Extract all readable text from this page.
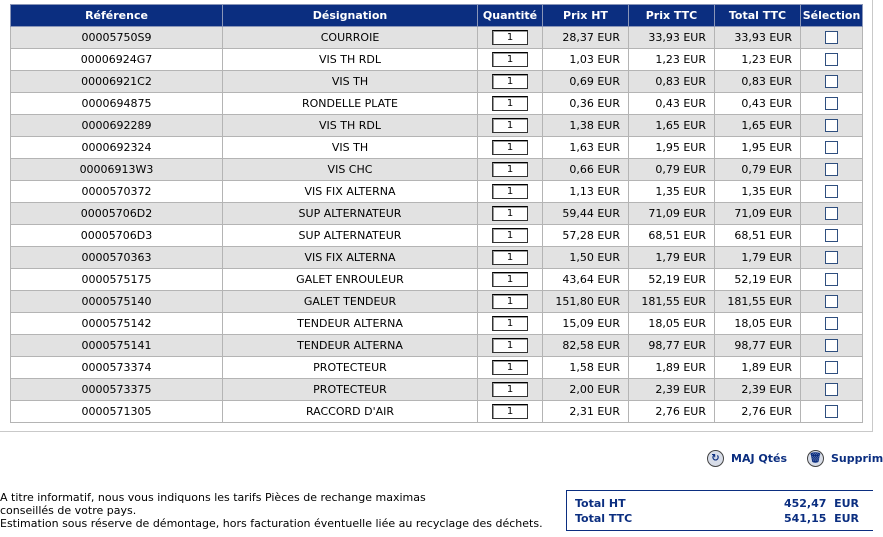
Référence	Désignation	Quantité	Prix HT	Prix TTC	Total TTC	Sélection
00005750S9	COURROIE	1	28,37 EUR	33,93 EUR	33,93 EUR	
00006924G7	VIS TH RDL	1	1,03 EUR	1,23 EUR	1,23 EUR	
00006921C2	VIS TH	1	0,69 EUR	0,83 EUR	0,83 EUR	
0000694875	RONDELLE PLATE	1	0,36 EUR	0,43 EUR	0,43 EUR	
0000692289	VIS TH RDL	1	1,38 EUR	1,65 EUR	1,65 EUR	
0000692324	VIS TH	1	1,63 EUR	1,95 EUR	1,95 EUR	
00006913W3	VIS CHC	1	0,66 EUR	0,79 EUR	0,79 EUR	
0000570372	VIS FIX ALTERNA	1	1,13 EUR	1,35 EUR	1,35 EUR	
00005706D2	SUP ALTERNATEUR	1	59,44 EUR	71,09 EUR	71,09 EUR	
00005706D3	SUP ALTERNATEUR	1	57,28 EUR	68,51 EUR	68,51 EUR	
0000570363	VIS FIX ALTERNA	1	1,50 EUR	1,79 EUR	1,79 EUR	
0000575175	GALET ENROULEUR	1	43,64 EUR	52,19 EUR	52,19 EUR	
0000575140	GALET TENDEUR	1	151,80 EUR	181,55 EUR	181,55 EUR	
0000575142	TENDEUR ALTERNA	1	15,09 EUR	18,05 EUR	18,05 EUR	
0000575141	TENDEUR ALTERNA	1	82,58 EUR	98,77 EUR	98,77 EUR	
0000573374	PROTECTEUR	1	1,58 EUR	1,89 EUR	1,89 EUR	
0000573375	PROTECTEUR	1	2,00 EUR	2,39 EUR	2,39 EUR	
0000571305	RACCORD D'AIR	1	2,31 EUR	2,76 EUR	2,76 EUR	
↻	MAJ Qtés 🗑 Supprim
A titre informatif, nous vous indiquons les tarifs Pièces de rechange maximas
conseillés de votre pays.
Estimation sous réserve de démontage, hors facturation éventuelle liée au recyclage des déchets.
Total HT	452,47  EUR
Total TTC	541,15  EUR
